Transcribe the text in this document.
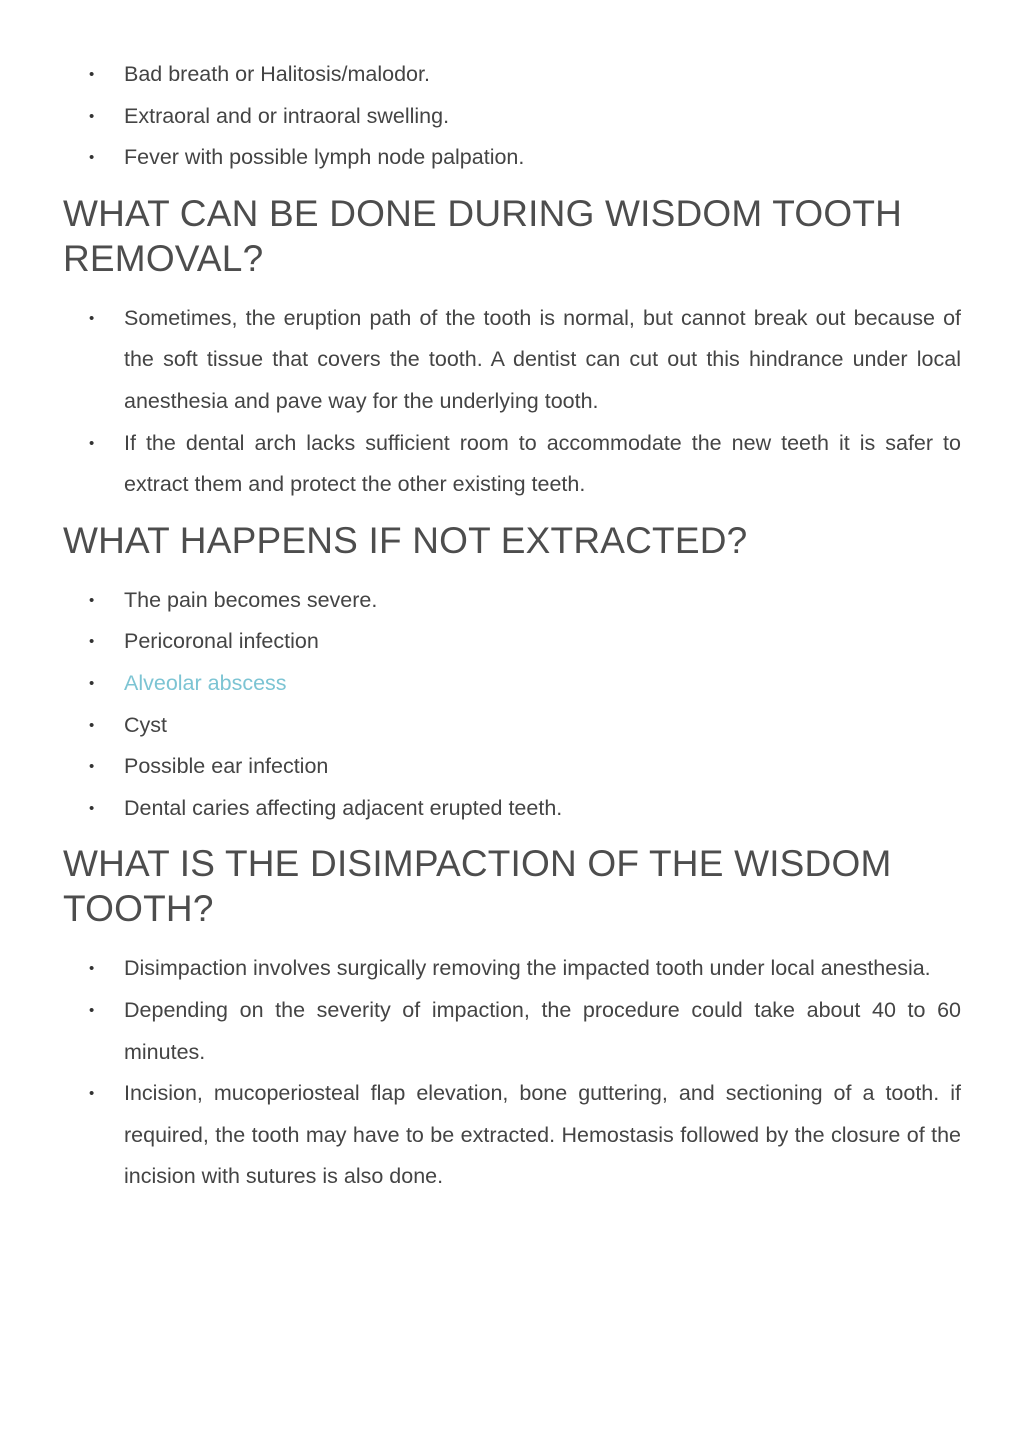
• Bad breath or Halitosis/malodor.
• Extraoral and or intraoral swelling.
• Fever with possible lymph node palpation.
WHAT CAN BE DONE DURING WISDOM TOOTH REMOVAL?
• Sometimes, the eruption path of the tooth is normal, but cannot break out because of the soft tissue that covers the tooth. A dentist can cut out this hindrance under local anesthesia and pave way for the underlying tooth.
• If the dental arch lacks sufficient room to accommodate the new teeth it is safer to extract them and protect the other existing teeth.
WHAT HAPPENS IF NOT EXTRACTED?
• The pain becomes severe.
• Pericoronal infection
• Alveolar abscess
• Cyst
• Possible ear infection
• Dental caries affecting adjacent erupted teeth.
WHAT IS THE DISIMPACTION OF THE WISDOM TOOTH?
• Disimpaction involves surgically removing the impacted tooth under local anesthesia.
• Depending on the severity of impaction, the procedure could take about 40 to 60 minutes.
• Incision, mucoperiosteal flap elevation, bone guttering, and sectioning of a tooth. if required, the tooth may have to be extracted. Hemostasis followed by the closure of the incision with sutures is also done.
